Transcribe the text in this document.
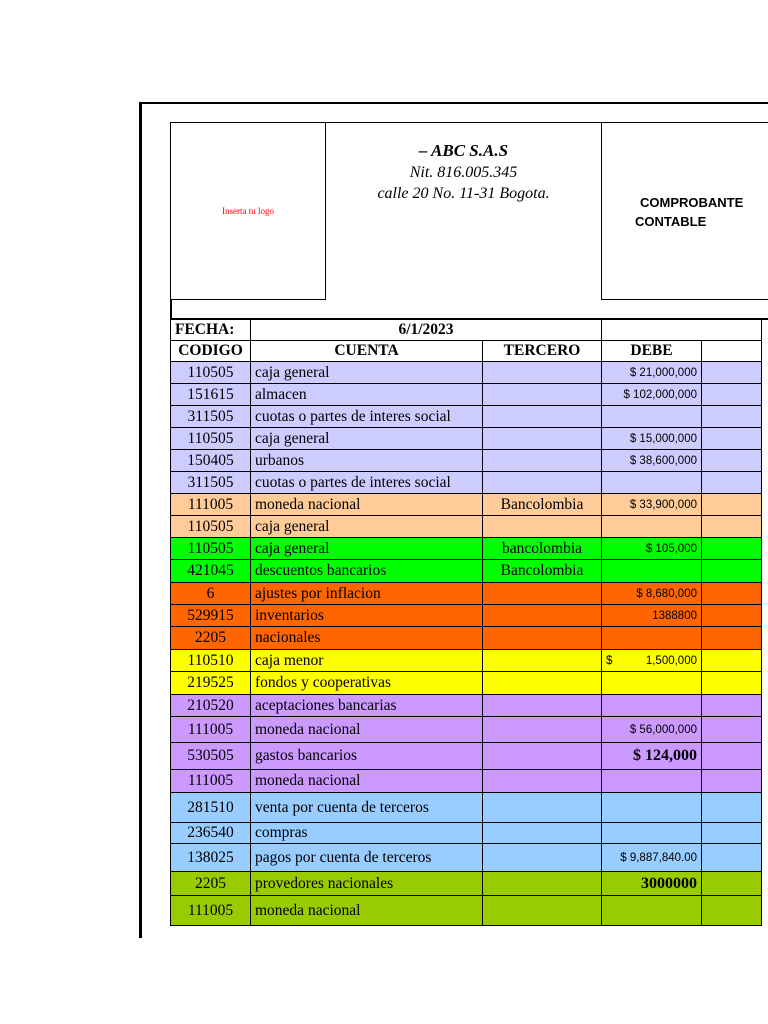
Inserta tu logo
– ABC S.A.S
Nit. 816.005.345
calle 20 No. 11-31 Bogota.
COMPROBANTE
CONTABLE
FECHA:	6/1/2023			
CODIGO	CUENTA	TERCERO	DEBE	
110505	caja general		$ 21,000,000	
151615	almacen		$ 102,000,000	
311505	cuotas o partes de interes social			
110505	caja general		$ 15,000,000	
150405	urbanos		$ 38,600,000	
311505	cuotas o partes de interes social			
111005	moneda nacional	Bancolombia	$ 33,900,000	
110505	caja general			
110505	caja general	bancolombia	$ 105,000	
421045	descuentos bancarios	Bancolombia		
6	ajustes por inflacion		$ 8,680,000	
529915	inventarios		1388800	
2205	nacionales			
110510	caja menor		$ 1,500,000	

219525	fondos y cooperativas			
210520	aceptaciones bancarias			
111005	moneda nacional		$ 56,000,000	
530505	gastos bancarios		$ 124,000	
111005	moneda nacional			
281510	venta por cuenta de terceros			
236540	compras			
138025	pagos por cuenta de terceros		$ 9,887,840.00	
2205	provedores nacionales		3000000	
111005	moneda nacional			
